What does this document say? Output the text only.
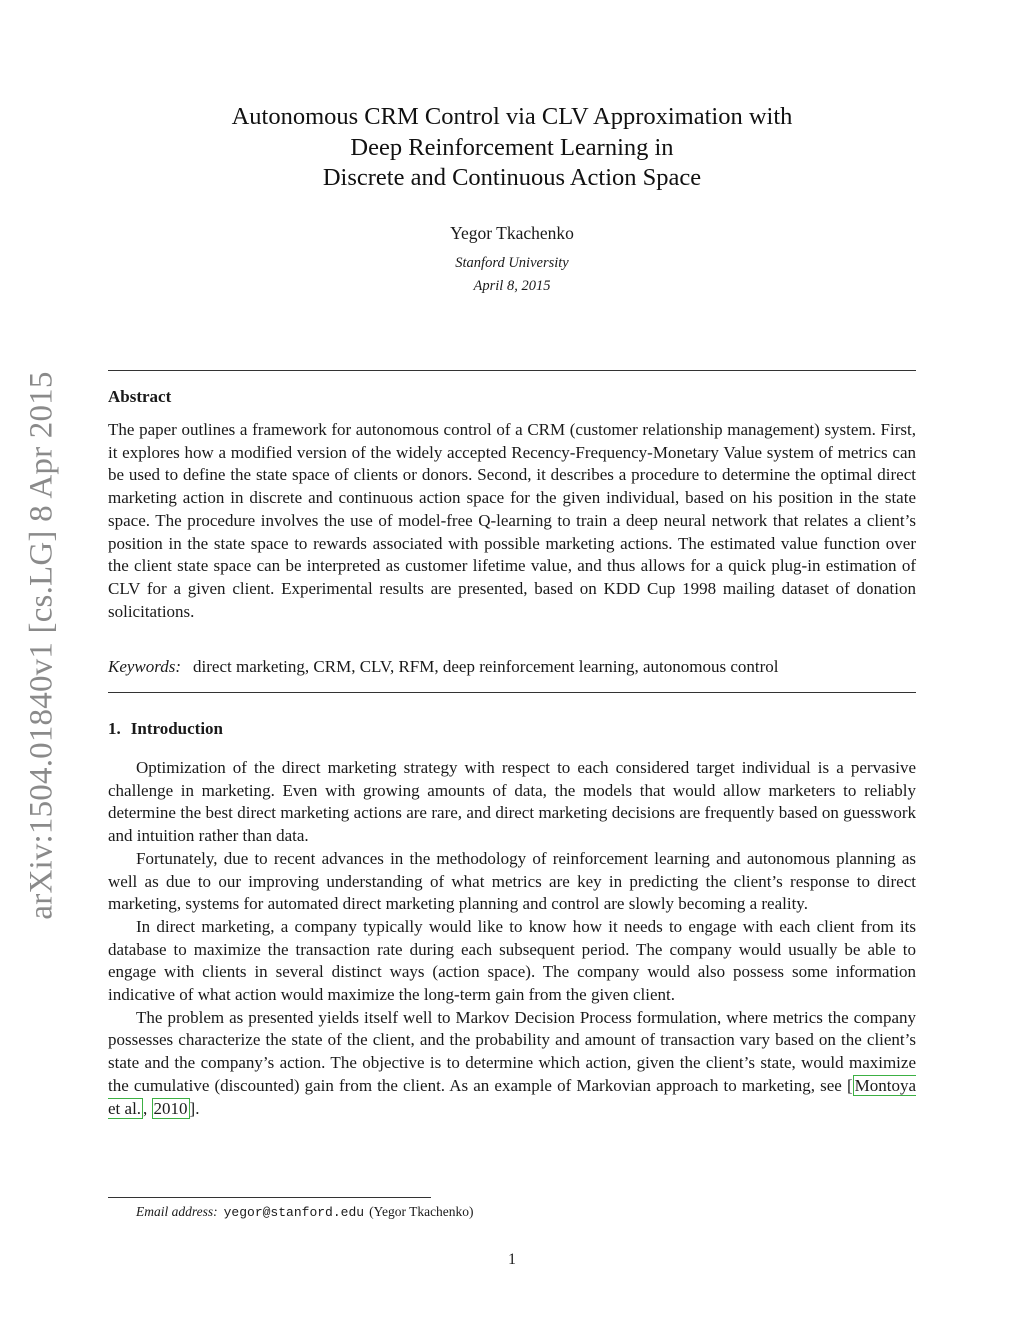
arXiv:1504.01840v1 [cs.LG] 8 Apr 2015
Autonomous CRM Control via CLV Approximation with
Deep Reinforcement Learning in
Discrete and Continuous Action Space
Yegor Tkachenko
Stanford University
April 8, 2015
Abstract
The paper outlines a framework for autonomous control of a CRM (customer relationship management) system. First, it explores how a modified version of the widely accepted Recency-Frequency-Monetary Value system of metrics can be used to define the state space of clients or donors. Second, it describes a procedure to determine the optimal direct marketing action in discrete and continuous action space for the given individual, based on his position in the state space. The procedure involves the use of model-free Q-learning to train a deep neural network that relates a client’s position in the state space to rewards associated with possible marketing actions. The estimated value function over the client state space can be interpreted as customer lifetime value, and thus allows for a quick plug-in estimation of CLV for a given client. Experimental results are presented, based on KDD Cup 1998 mailing dataset of donation solicitations.
Keywords: direct marketing, CRM, CLV, RFM, deep reinforcement learning, autonomous control
1. Introduction

Optimization of the direct marketing strategy with respect to each considered target individual is a pervasive challenge in marketing. Even with growing amounts of data, the models that would allow marketers to reliably determine the best direct marketing actions are rare, and direct marketing decisions are frequently based on guesswork and intuition rather than data.

Fortunately, due to recent advances in the methodology of reinforcement learning and autonomous planning as well as due to our improving understanding of what metrics are key in predicting the client’s response to direct marketing, systems for automated direct marketing planning and control are slowly becoming a reality.

In direct marketing, a company typically would like to know how it needs to engage with each client from its database to maximize the transaction rate during each subsequent period. The company would usually be able to engage with clients in several distinct ways (action space). The company would also possess some information indicative of what action would maximize the long-term gain from the given client.

The problem as presented yields itself well to Markov Decision Process formulation, where metrics the company possesses characterize the state of the client, and the probability and amount of transaction vary based on the client’s state and the company’s action. The objective is to determine which action, given the client’s state, would maximize the cumulative (discounted) gain from the client. As an example of Markovian approach to marketing, see [ Montoya et al. , 2010 ].

Email address: yegor@stanford.edu (Yegor Tkachenko)
1
